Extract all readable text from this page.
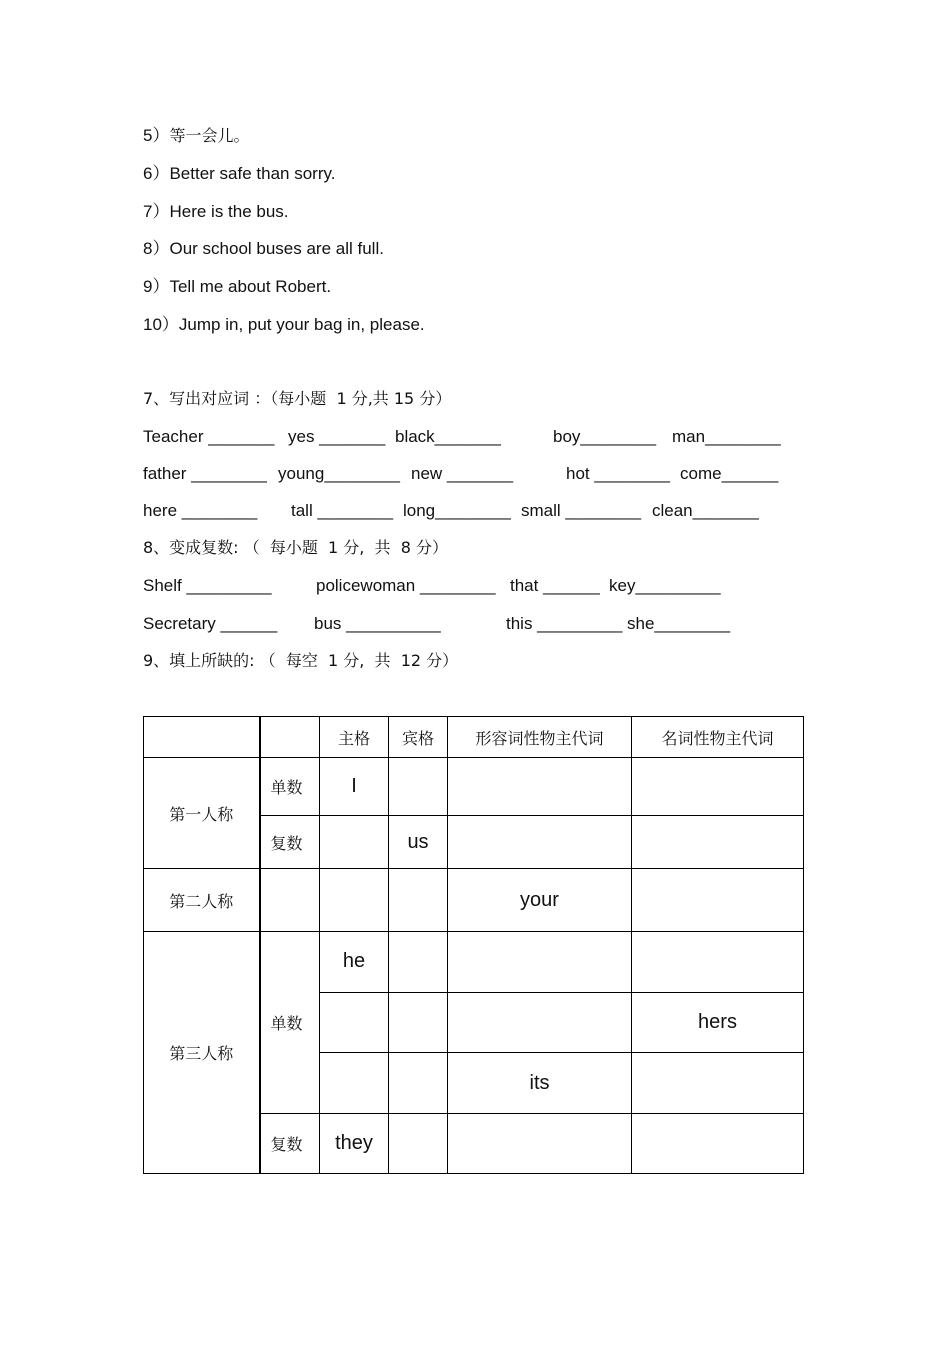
5）等一会儿。
6）Better safe than sorry.
7）Here is the bus.
8）Our school buses are all full.
9）Tell me about Robert.
10）Jump in, put your bag in, please.
7、写出对应词 ：（每小题  1 分,共 15 分）
Teacher _______ yes _______ black_______	boy________ man________
father ________ young________ new _______	hot ________ come______
here ________ tall ________ long________ small ________ clean_______
8、变成复数: （  每小题  1 分,  共  8 分）
Shelf _________	policewoman ________ that ______ key_________
Secretary ______ bus __________	this _________ she________
9、填上所缺的: （  每空  1 分,  共  12 分）
		主格	宾格	形容词性物主代词	名词性物主代词
第一人称	单数	I			
	复数		us		
第二人称				your	
第三人称	单数	he			
					hers
				its	
	复数	they			
